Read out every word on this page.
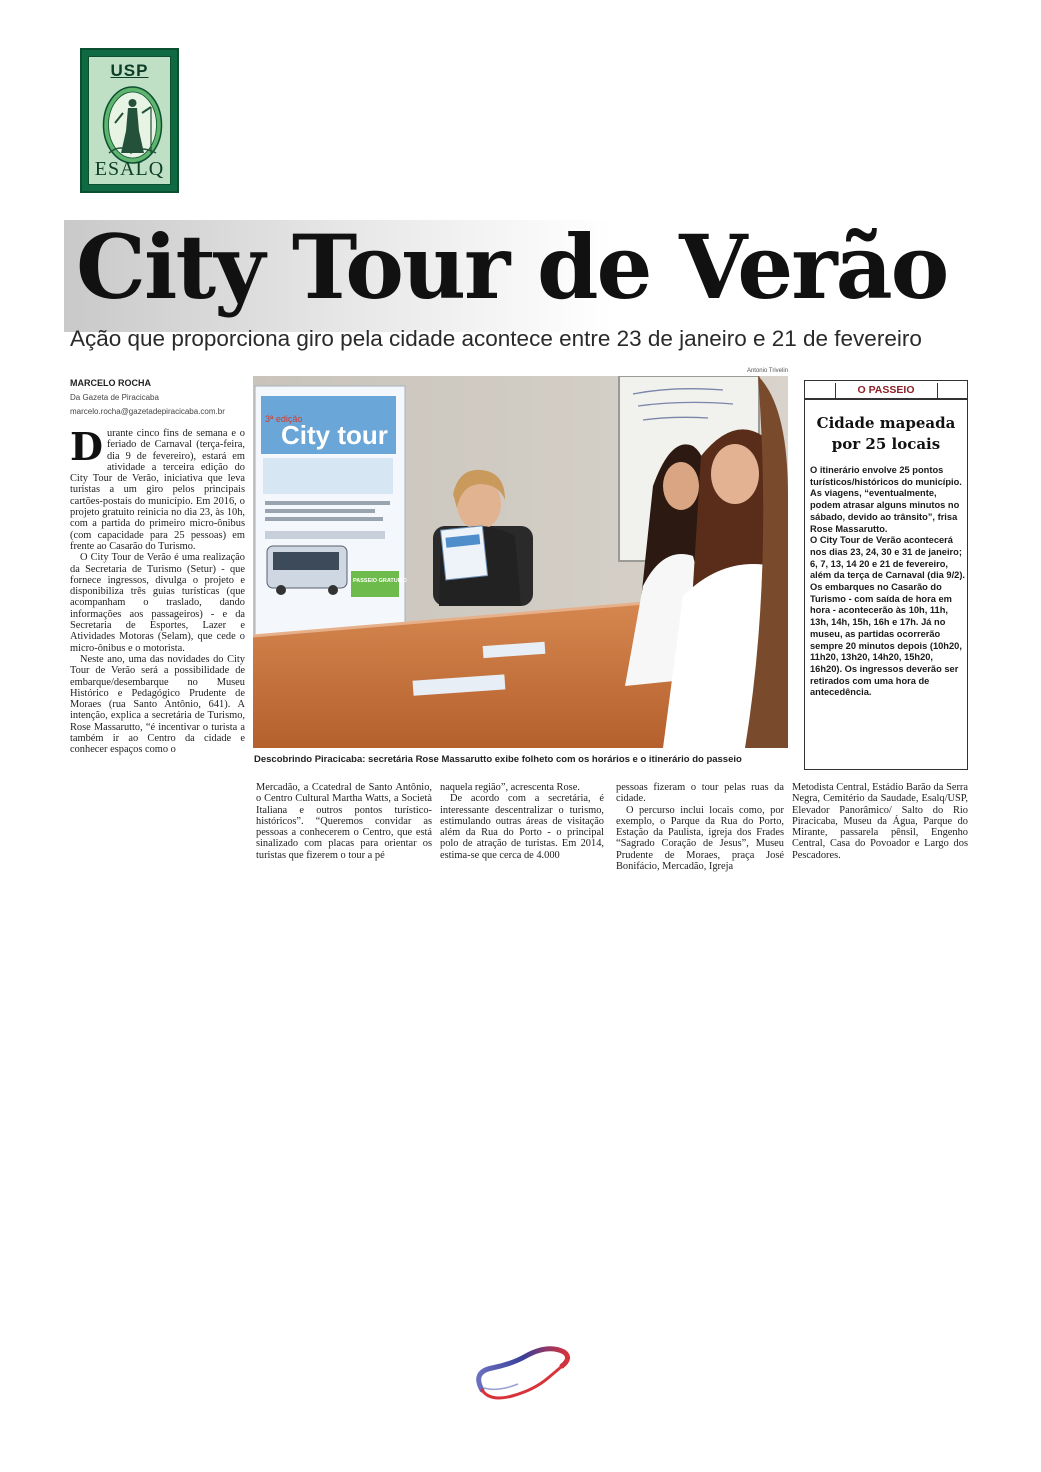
USP
ESALQ
City Tour de Verão
Ação que proporciona giro pela cidade acontece entre 23 de janeiro e 21 de fevereiro
MARCELO ROCHA
Da Gazeta de Piracicaba
marcelo.rocha@gazetadepiracicaba.com.br

Durante cinco fins de semana e o feriado de Carnaval (terça-feira, dia 9 de fevereiro), estará em atividade a terceira edição do City Tour de Verão, iniciativa que leva turistas a um giro pelos principais cartões-postais do município. Em 2016, o projeto gratuito reinicia no dia 23, às 10h, com a partida do primeiro micro-ônibus (com capacidade para 25 pessoas) em frente ao Casarão do Turismo.

O City Tour de Verão é uma realização da Secretaria de Turismo (Setur) - que fornece ingressos, divulga o projeto e disponibiliza três guias turísticas (que acompanham o traslado, dando informações aos passageiros) - e da Secretaria de Esportes, Lazer e Atividades Motoras (Selam), que cede o micro-ônibus e o motorista.

Neste ano, uma das novidades do City Tour de Verão será a possibilidade de embarque/desembarque no Museu Histórico e Pedagógico Prudente de Moraes (rua Santo Antônio, 641). A intenção, explica a secretária de Turismo, Rose Massarutto, “é incentivar o turista a também ir ao Centro da cidade e conhecer espaços como o

Antonio Trivelin
3ª edição
City tour
PASSEIO GRATUITO
Descobrindo Piracicaba: secretária Rose Massarutto exibe folheto com os horários e o itinerário do passeio
O PASSEIO
Cidade mapeada
por 25 locais

O itinerário envolve 25 pontos turísticos/históricos do município. As viagens, “eventualmente, podem atrasar alguns minutos no sábado, devido ao trânsito”, frisa Rose Massarutto.

O City Tour de Verão acontecerá nos dias 23, 24, 30 e 31 de janeiro; 6, 7, 13, 14 20 e 21 de fevereiro, além da terça de Carnaval (dia 9/2).

Os embarques no Casarão do Turismo - com saída de hora em hora - acontecerão às 10h, 11h, 13h, 14h, 15h, 16h e 17h. Já no museu, as partidas ocorrerão sempre 20 minutos depois (10h20, 11h20, 13h20, 14h20, 15h20, 16h20). Os ingressos deverão ser retirados com uma hora de antecedência.

Mercadão, a Ccatedral de Santo Antônio, o Centro Cultural Martha Watts, a Società Italiana e outros pontos turístico-históricos”. “Queremos convidar as pessoas a conhecerem o Centro, que está sinalizado com placas para orientar os turistas que fizerem o tour a pé

naquela região”, acrescenta Rose.

De acordo com a secretária, é interessante descentralizar o turismo, estimulando outras áreas de visitação além da Rua do Porto - o principal polo de atração de turistas. Em 2014, estima-se que cerca de 4.000

pessoas fizeram o tour pelas ruas da cidade.

O percurso inclui locais como, por exemplo, o Parque da Rua do Porto, Estação da Paulista, igreja dos Frades “Sagrado Coração de Jesus”, Museu Prudente de Moraes, praça José Bonifácio, Mercadão, Igreja

Metodista Central, Estádio Barão da Serra Negra, Cemitério da Saudade, Esalq/USP, Elevador Panorâmico/ Salto do Rio Piracicaba, Museu da Água, Parque do Mirante, passarela pênsil, Engenho Central, Casa do Povoador e Largo dos Pescadores.
